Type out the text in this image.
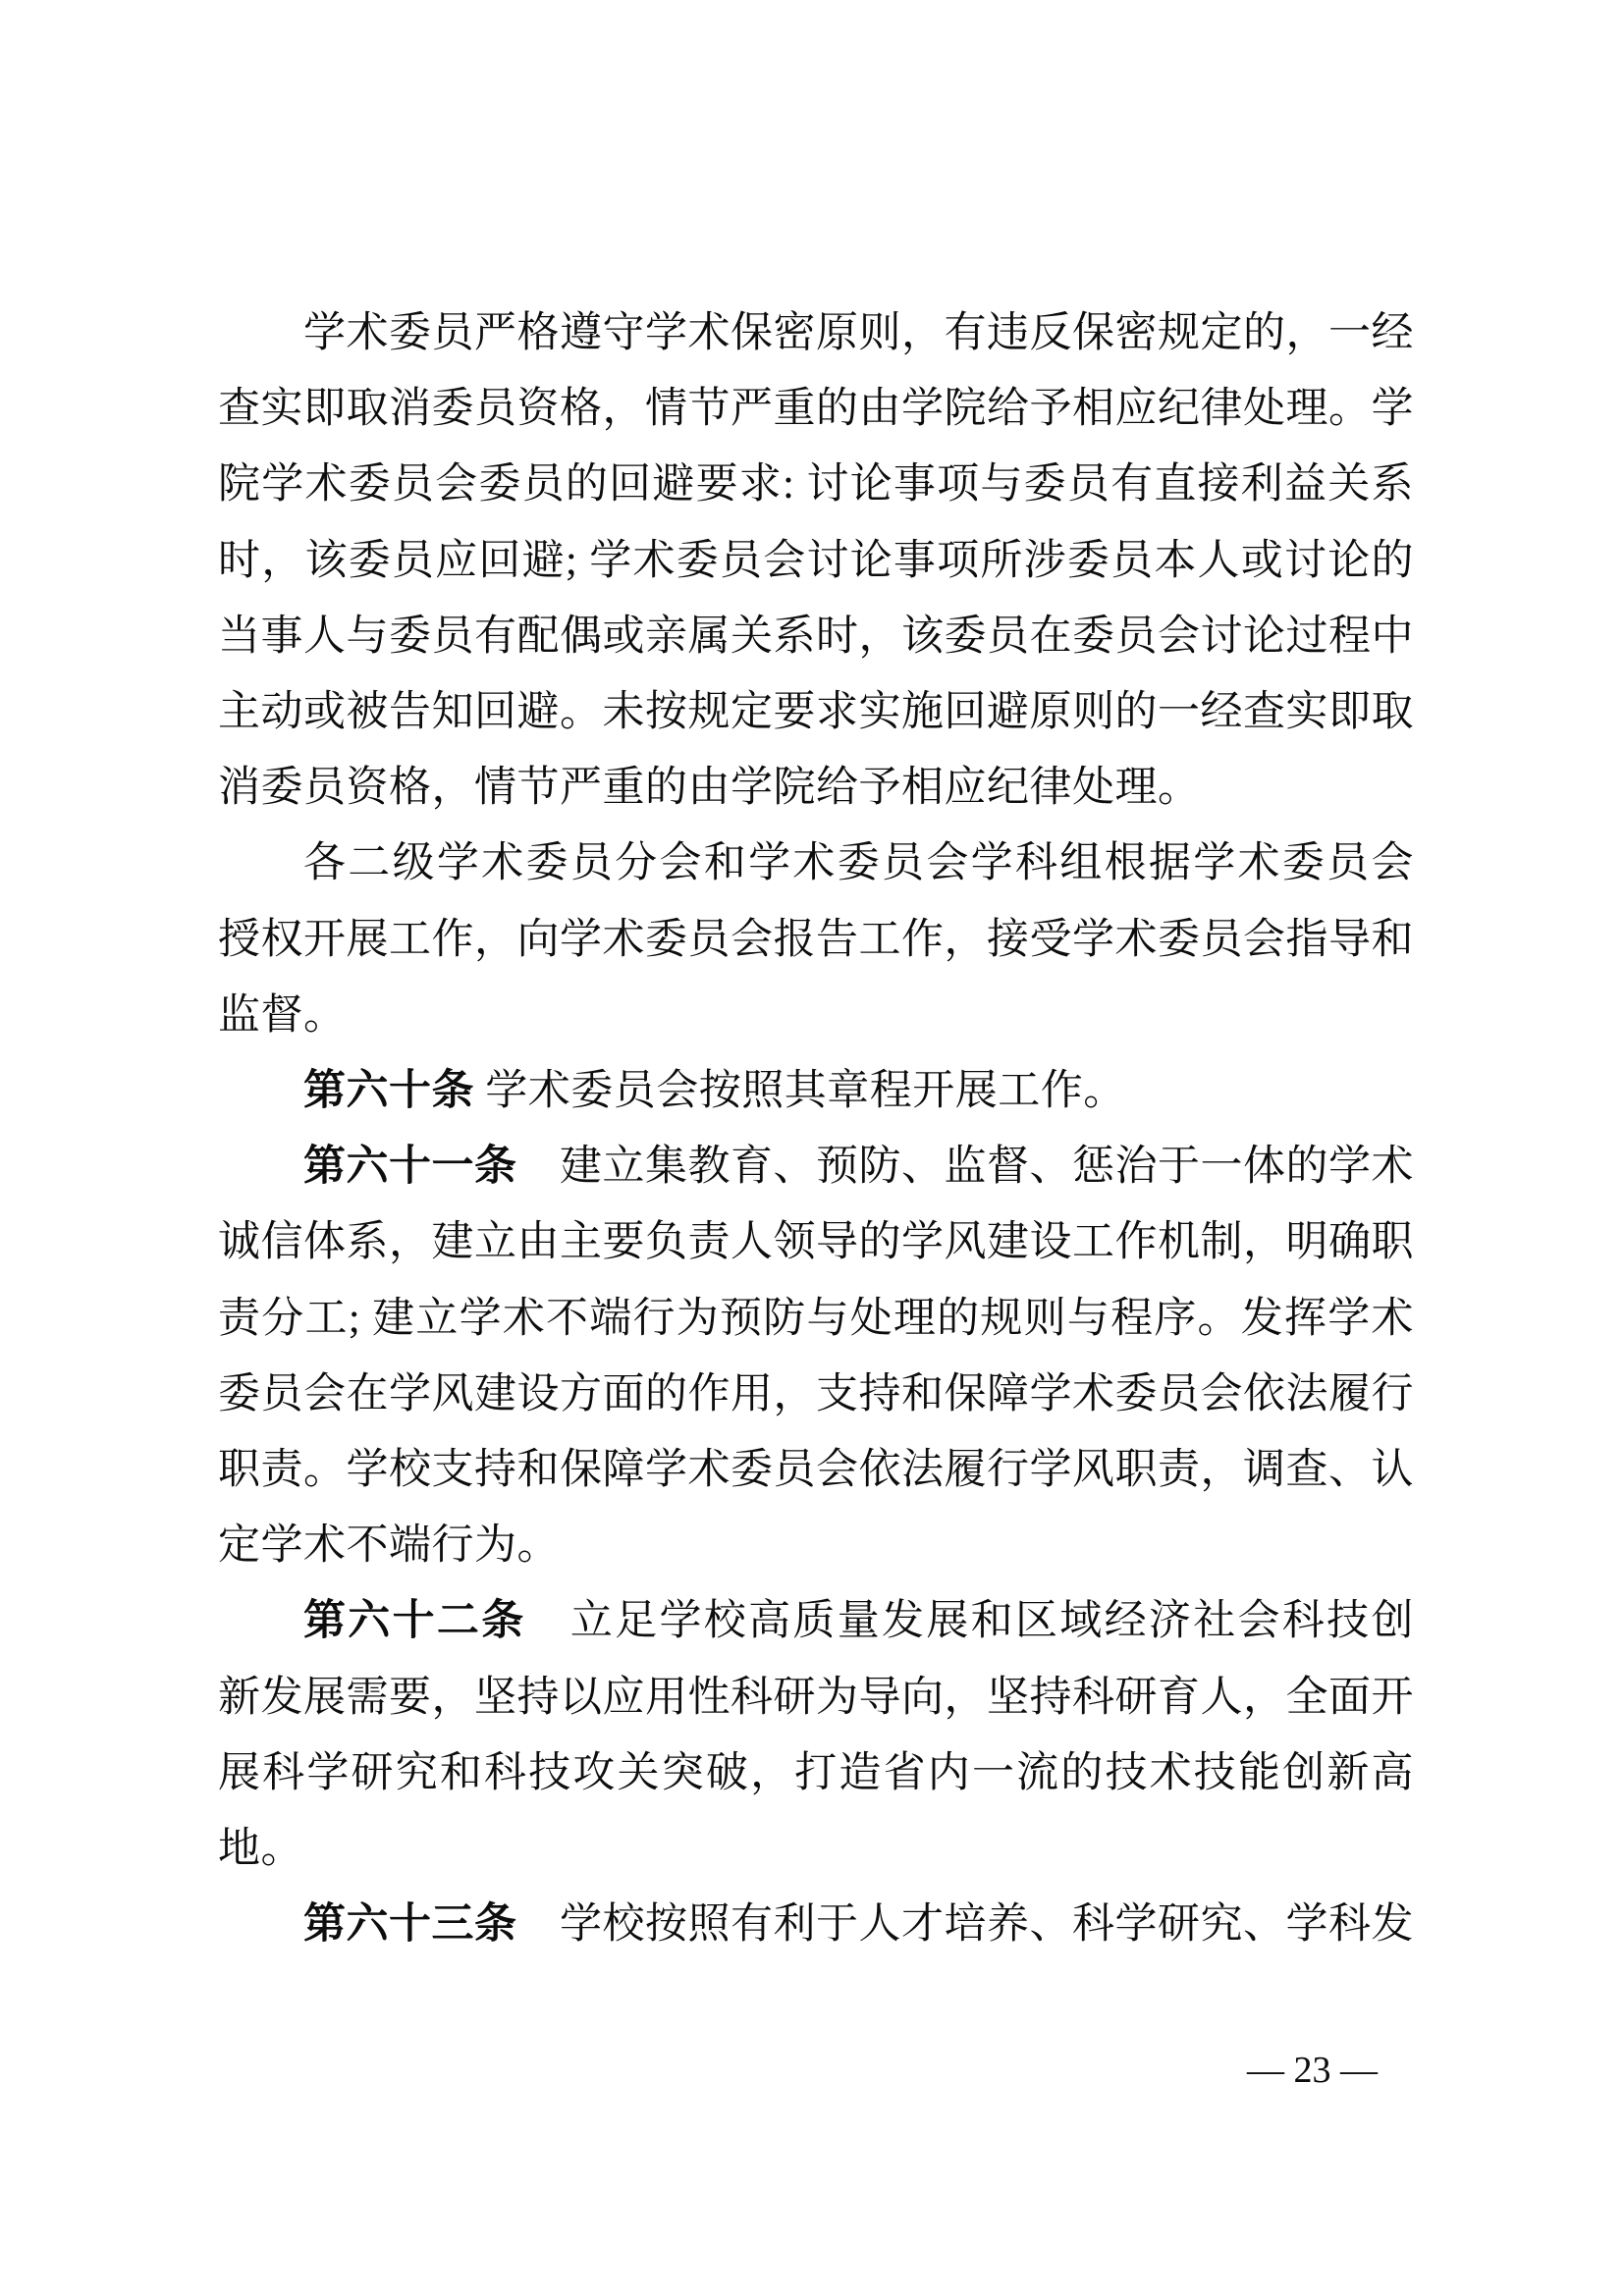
学术委员严格遵守学术保密原则，有违反保密规定的，一经
查实即取消委员资格，情节严重的由学院给予相应纪律处理。学
院学术委员会委员的回避要求: 讨论事项与委员有直接利益关系
时，该委员应回避; 学术委员会讨论事项所涉委员本人或讨论的
当事人与委员有配偶或亲属关系时，该委员在委员会讨论过程中
主动或被告知回避。未按规定要求实施回避原则的一经查实即取
消委员资格，情节严重的由学院给予相应纪律处理。
各二级学术委员分会和学术委员会学科组根据学术委员会
授权开展工作，向学术委员会报告工作，接受学术委员会指导和
监督。
第六十条 学术委员会按照其章程开展工作。
第六十一条　建立集教育、预防、监督、惩治于一体的学术
诚信体系，建立由主要负责人领导的学风建设工作机制，明确职
责分工; 建立学术不端行为预防与处理的规则与程序。发挥学术
委员会在学风建设方面的作用，支持和保障学术委员会依法履行
职责。学校支持和保障学术委员会依法履行学风职责，调查、认
定学术不端行为。
第六十二条　立足学校高质量发展和区域经济社会科技创
新发展需要，坚持以应用性科研为导向，坚持科研育人，全面开
展科学研究和科技攻关突破，打造省内一流的技术技能创新高
地。
第六十三条　学校按照有利于人才培养、科学研究、学科发
— 23 —
